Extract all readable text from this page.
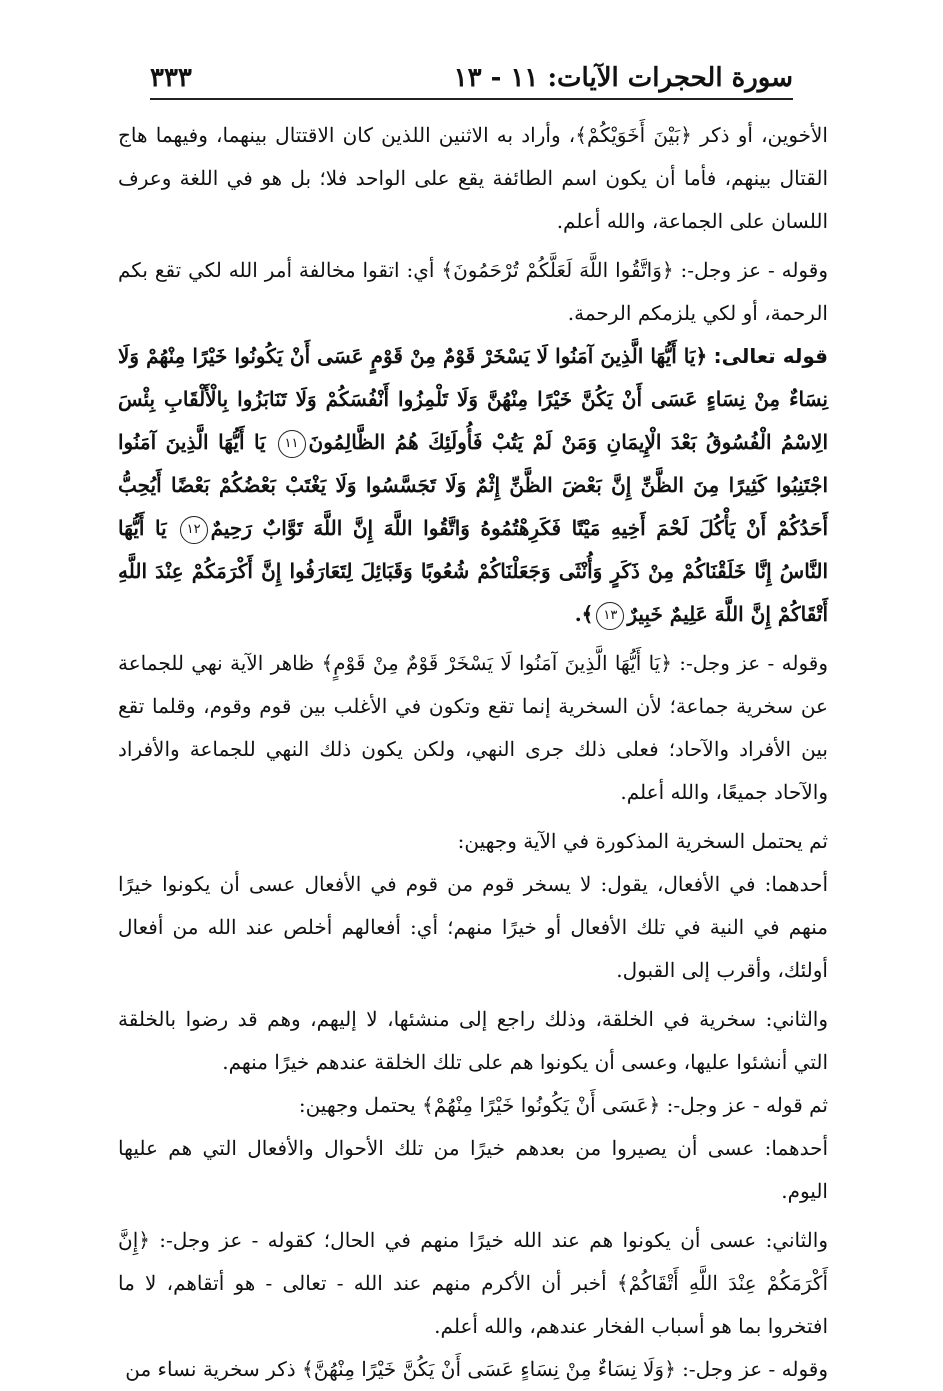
سورة الحجرات الآيات: ١١ - ١٣
٣٣٣

الأخوين، أو ذكر ﴿بَيْنَ أَخَوَيْكُمْ﴾، وأراد به الاثنين اللذين كان الاقتتال بينهما، وفيهما هاج القتال بينهم، فأما أن يكون اسم الطائفة يقع على الواحد فلا؛ بل هو في اللغة وعرف اللسان على الجماعة، والله أعلم.

وقوله - عز وجل-: ﴿وَاتَّقُوا اللَّهَ لَعَلَّكُمْ تُرْحَمُونَ﴾ أي: اتقوا مخالفة أمر الله لكي تقع بكم الرحمة، أو لكي يلزمكم الرحمة.

قوله تعالى: ﴿يَا أَيُّهَا الَّذِينَ آمَنُوا لَا يَسْخَرْ قَوْمٌ مِنْ قَوْمٍ عَسَى أَنْ يَكُونُوا خَيْرًا مِنْهُمْ وَلَا نِسَاءٌ مِنْ نِسَاءٍ عَسَى أَنْ يَكُنَّ خَيْرًا مِنْهُنَّ وَلَا تَلْمِزُوا أَنْفُسَكُمْ وَلَا تَنَابَزُوا بِالْأَلْقَابِ بِئْسَ الِاسْمُ الْفُسُوقُ بَعْدَ الْإِيمَانِ وَمَنْ لَمْ يَتُبْ فَأُولَئِكَ هُمُ الظَّالِمُونَ١١ يَا أَيُّهَا الَّذِينَ آمَنُوا اجْتَنِبُوا كَثِيرًا مِنَ الظَّنِّ إِنَّ بَعْضَ الظَّنِّ إِثْمٌ وَلَا تَجَسَّسُوا وَلَا يَغْتَبْ بَعْضُكُمْ بَعْضًا أَيُحِبُّ أَحَدُكُمْ أَنْ يَأْكُلَ لَحْمَ أَخِيهِ مَيْتًا فَكَرِهْتُمُوهُ وَاتَّقُوا اللَّهَ إِنَّ اللَّهَ تَوَّابٌ رَحِيمٌ١٢ يَا أَيُّهَا النَّاسُ إِنَّا خَلَقْنَاكُمْ مِنْ ذَكَرٍ وَأُنْثَى وَجَعَلْنَاكُمْ شُعُوبًا وَقَبَائِلَ لِتَعَارَفُوا إِنَّ أَكْرَمَكُمْ عِنْدَ اللَّهِ أَتْقَاكُمْ إِنَّ اللَّهَ عَلِيمٌ خَبِيرٌ١٣﴾.

وقوله - عز وجل-: ﴿يَا أَيُّهَا الَّذِينَ آمَنُوا لَا يَسْخَرْ قَوْمٌ مِنْ قَوْمٍ﴾ ظاهر الآية نهي للجماعة عن سخرية جماعة؛ لأن السخرية إنما تقع وتكون في الأغلب بين قوم وقوم، وقلما تقع بين الأفراد والآحاد؛ فعلى ذلك جرى النهي، ولكن يكون ذلك النهي للجماعة والأفراد والآحاد جميعًا، والله أعلم.

ثم يحتمل السخرية المذكورة في الآية وجهين:

أحدهما: في الأفعال، يقول: لا يسخر قوم من قوم في الأفعال عسى أن يكونوا خيرًا منهم في النية في تلك الأفعال أو خيرًا منهم؛ أي: أفعالهم أخلص عند الله من أفعال أولئك، وأقرب إلى القبول.

والثاني: سخرية في الخلقة، وذلك راجع إلى منشئها، لا إليهم، وهم قد رضوا بالخلقة التي أنشئوا عليها، وعسى أن يكونوا هم على تلك الخلقة عندهم خيرًا منهم.

ثم قوله - عز وجل-: ﴿عَسَى أَنْ يَكُونُوا خَيْرًا مِنْهُمْ﴾ يحتمل وجهين:

أحدهما: عسى أن يصيروا من بعدهم خيرًا من تلك الأحوال والأفعال التي هم عليها اليوم.

والثاني: عسى أن يكونوا هم عند الله خيرًا منهم في الحال؛ كقوله - عز وجل-: ﴿إِنَّ أَكْرَمَكُمْ عِنْدَ اللَّهِ أَتْقَاكُمْ﴾ أخبر أن الأكرم منهم عند الله - تعالى - هو أتقاهم، لا ما افتخروا بما هو أسباب الفخار عندهم، والله أعلم.

وقوله - عز وجل-: ﴿وَلَا نِسَاءٌ مِنْ نِسَاءٍ عَسَى أَنْ يَكُنَّ خَيْرًا مِنْهُنَّ﴾ ذكر سخرية نساء من
